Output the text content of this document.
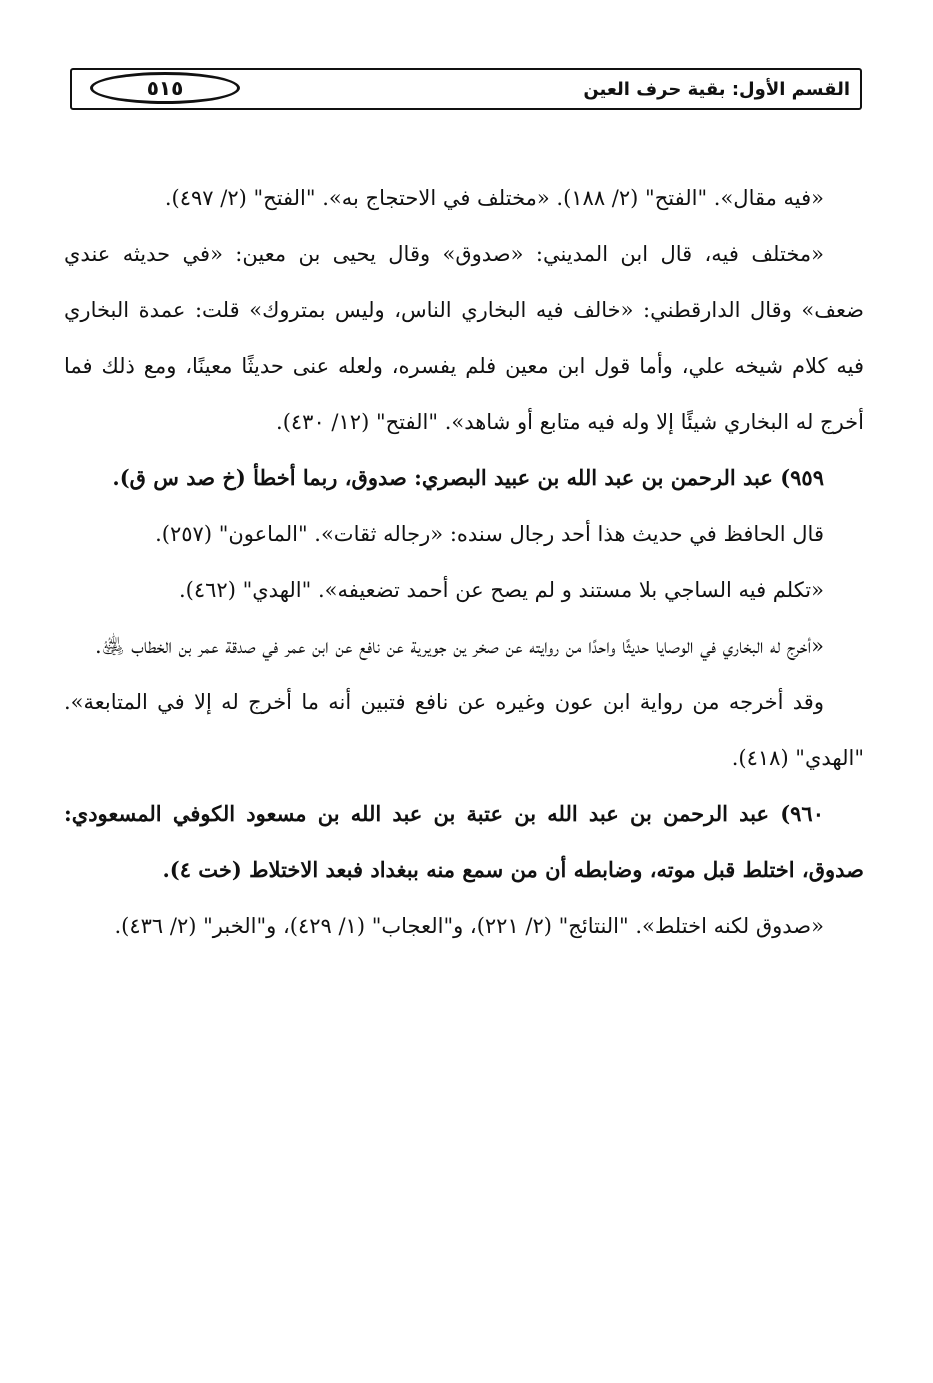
القسم الأول: بقية حرف العين
٥١٥

«فيه مقال». "الفتح" (٢/ ١٨٨). «مختلف في الاحتجاج به». "الفتح" (٢/ ٤٩٧).

«مختلف فيه، قال ابن المديني: «صدوق» وقال يحيى بن معين: «في حديثه عندي ضعف» وقال الدارقطني: «خالف فيه البخاري الناس، وليس بمتروك» قلت: عمدة البخاري فيه كلام شيخه علي، وأما قول ابن معين فلم يفسره، ولعله عنى حديثًا معينًا، ومع ذلك فما أخرج له البخاري شيئًا إلا وله فيه متابع أو شاهد». "الفتح" (١٢/ ٤٣٠).

٩٥٩) عبد الرحمن بن عبد الله بن عبيد البصري: صدوق، ربما أخطأ (خ صد س ق).

قال الحافظ في حديث هذا أحد رجال سنده: «رجاله ثقات». "الماعون" (٢٥٧).

«تكلم فيه الساجي بلا مستند و لم يصح عن أحمد تضعيفه». "الهدي" (٤٦٢).

«أخرج له البخاري في الوصايا حديثًا واحدًا من روايته عن صخر ين جويرية عن نافع عن ابن عمر في صدقة عمر بن الخطاب ﵁.

وقد أخرجه من رواية ابن عون وغيره عن نافع فتبين أنه ما أخرج له إلا في المتابعة». "الهدي" (٤١٨).

٩٦٠) عبد الرحمن بن عبد الله بن عتبة بن عبد الله بن مسعود الكوفي المسعودي: صدوق، اختلط قبل موته، وضابطه أن من سمع منه ببغداد فبعد الاختلاط (خت ٤).

«صدوق لكنه اختلط». "النتائج" (٢/ ٢٢١)، و"العجاب" (١/ ٤٢٩)، و"الخبر" (٢/ ٤٣٦).
